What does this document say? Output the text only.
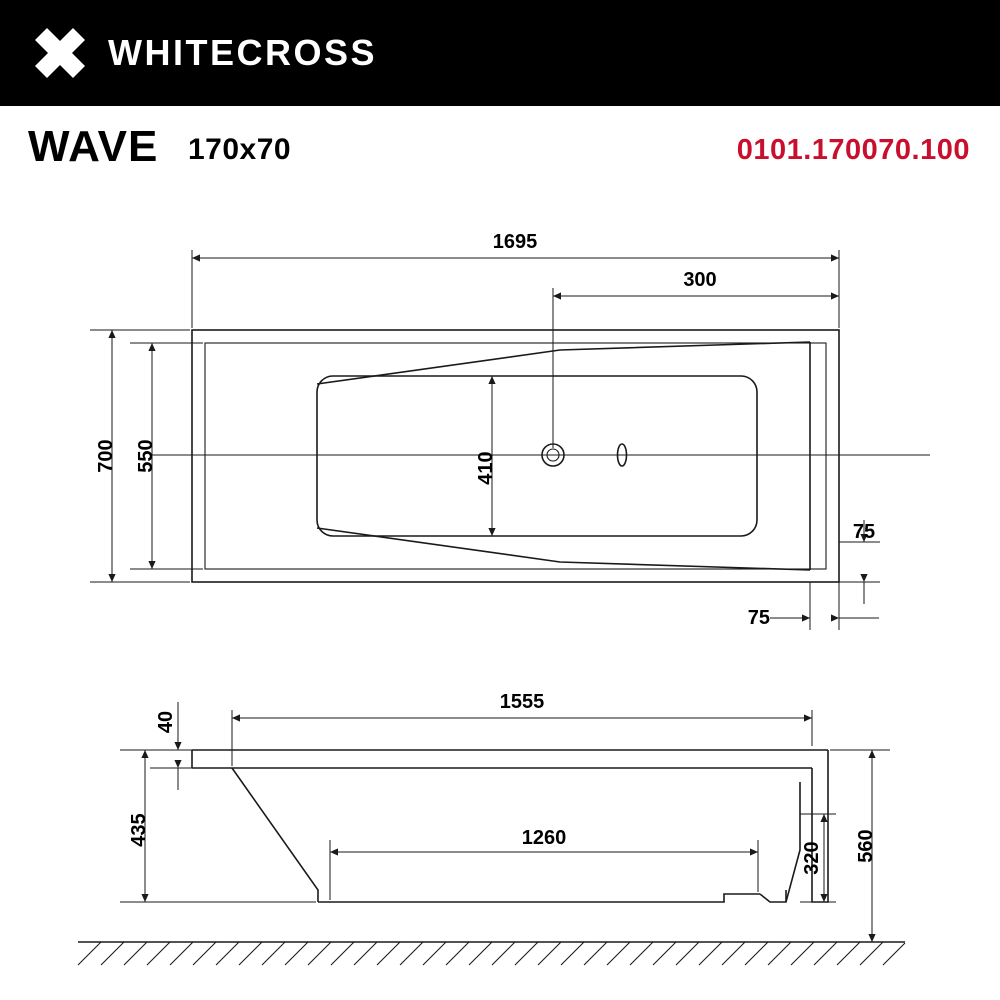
WHITECROSS
WAVE 170x70	0101.170070.100
1695
300
700 550	410
75
75
1555
40
435	1260
320 560
